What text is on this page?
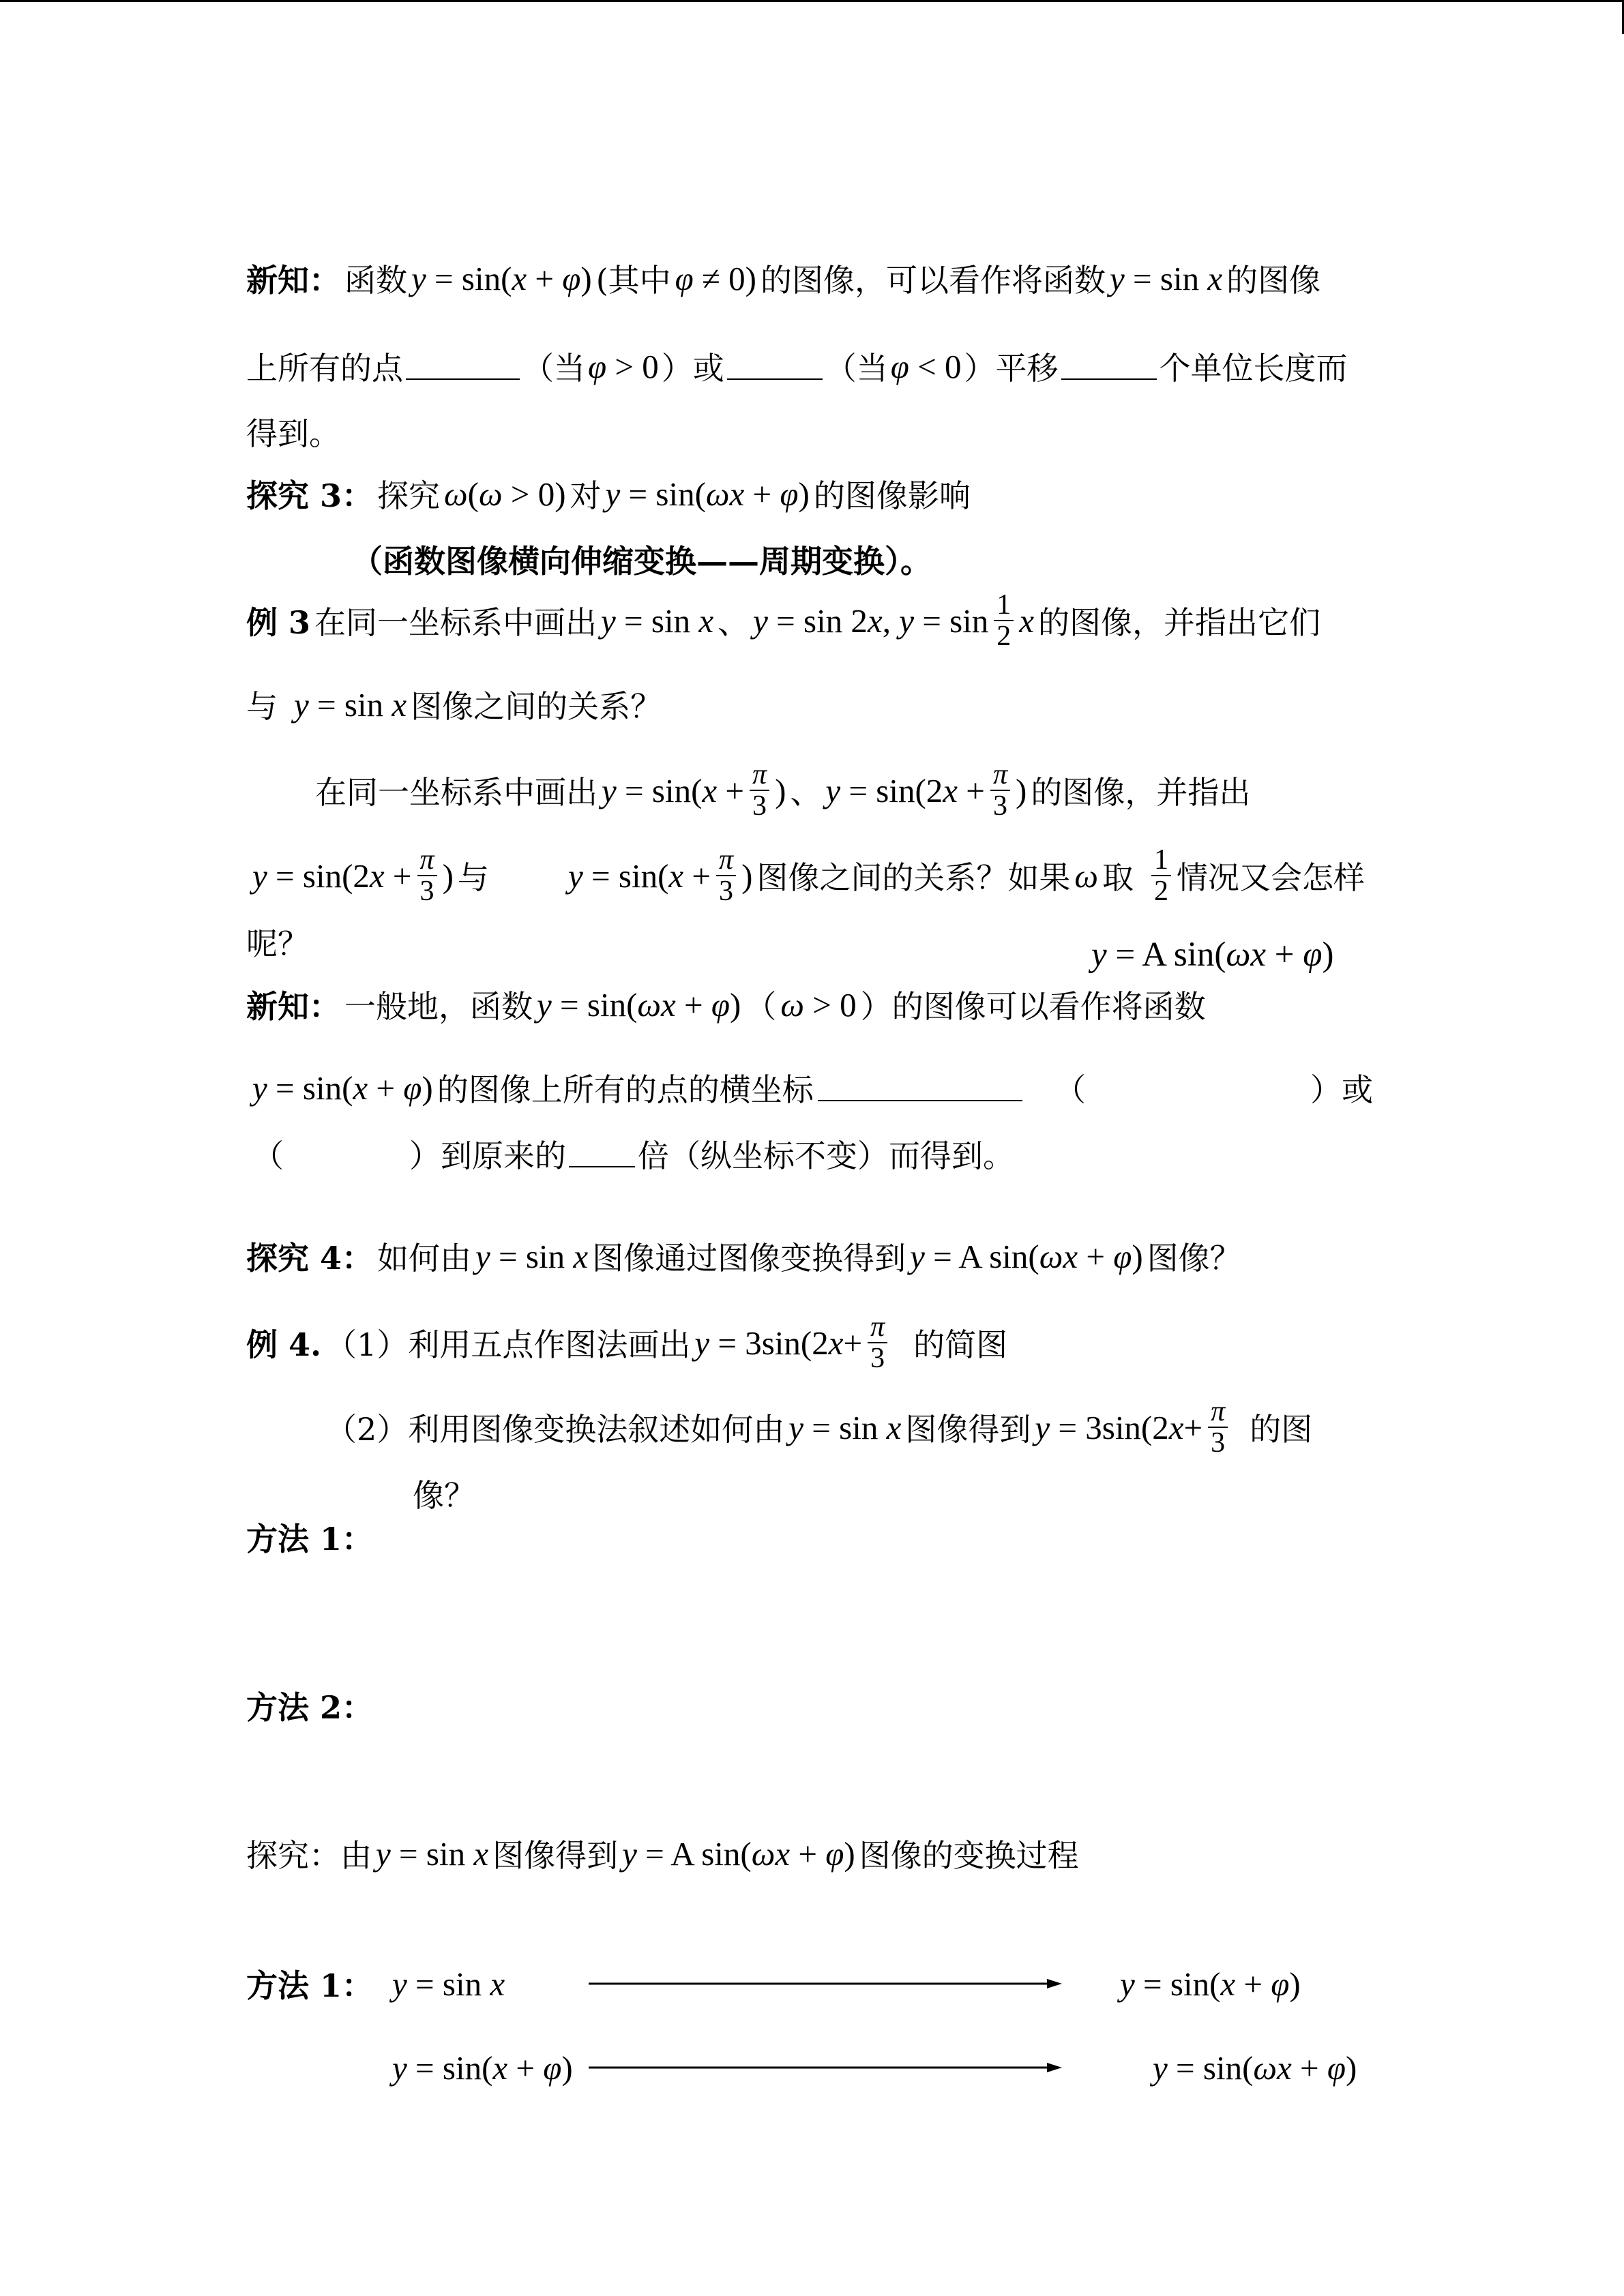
新知： 函数 y = sin(x + φ) (其中 φ ≠ 0) 的图像，可以看作将函数 y = sin x 的图像
上所有的点	（当 φ > 0 ）或	（当 φ < 0 ）平移	个单位长度而
得到。
探究 3： 探究 ω(ω > 0) 对 y = sin(ωx + φ) 的图像影响
（函数图像横向伸缩变换——周期变换）。
例 3 在同一坐标系中画出 y = sin x 、 y = sin 2x, $y = \sin \frac{1}{2}$ x 的图像，并指出它们
与 y = sin x 图像之间的关系？
在同一坐标系中画出 $y = \sin(x + \frac{\pi}{3}$ ) 、 $y = \sin(2x + \frac{\pi}{3}$ ) 的图像，并指出
$y = \sin(2x + \frac{\pi}{3}$ ) 与 $y = \sin(x + \frac{\pi}{3}$ ) 图像之间的关系？如果 ω 取 $\frac{1}{2}$ 情况又会怎样
呢？	y = A sin(ωx + φ)
新知： 一般地，函数 y = sin(ωx + φ) （ ω > 0 ）的图像可以看作将函数
y = sin(x + φ) 的图像上所有的点的横坐标	（	）或
（	）到原来的 倍（纵坐标不变）而得到。
探究 4： 如何由 y = sin x 图像通过图像变换得到 y = A sin(ωx + φ) 图像？
例 4. （1）利用五点作图法画出 $y = 3\sin(2x+ \frac{\pi}{3}$ 的简图
（2）利用图像变换法叙述如何由 y = sin x 图像得到 $y = 3\sin(2x+ \frac{\pi}{3}$ 的图
像？
方法 1：
方法 2：
探究：由 y = sin x 图像得到 y = A sin(ωx + φ) 图像的变换过程
方法 1： y = sin x	y = sin(x + φ)
y = sin(x + φ)	y = sin(ωx + φ)
